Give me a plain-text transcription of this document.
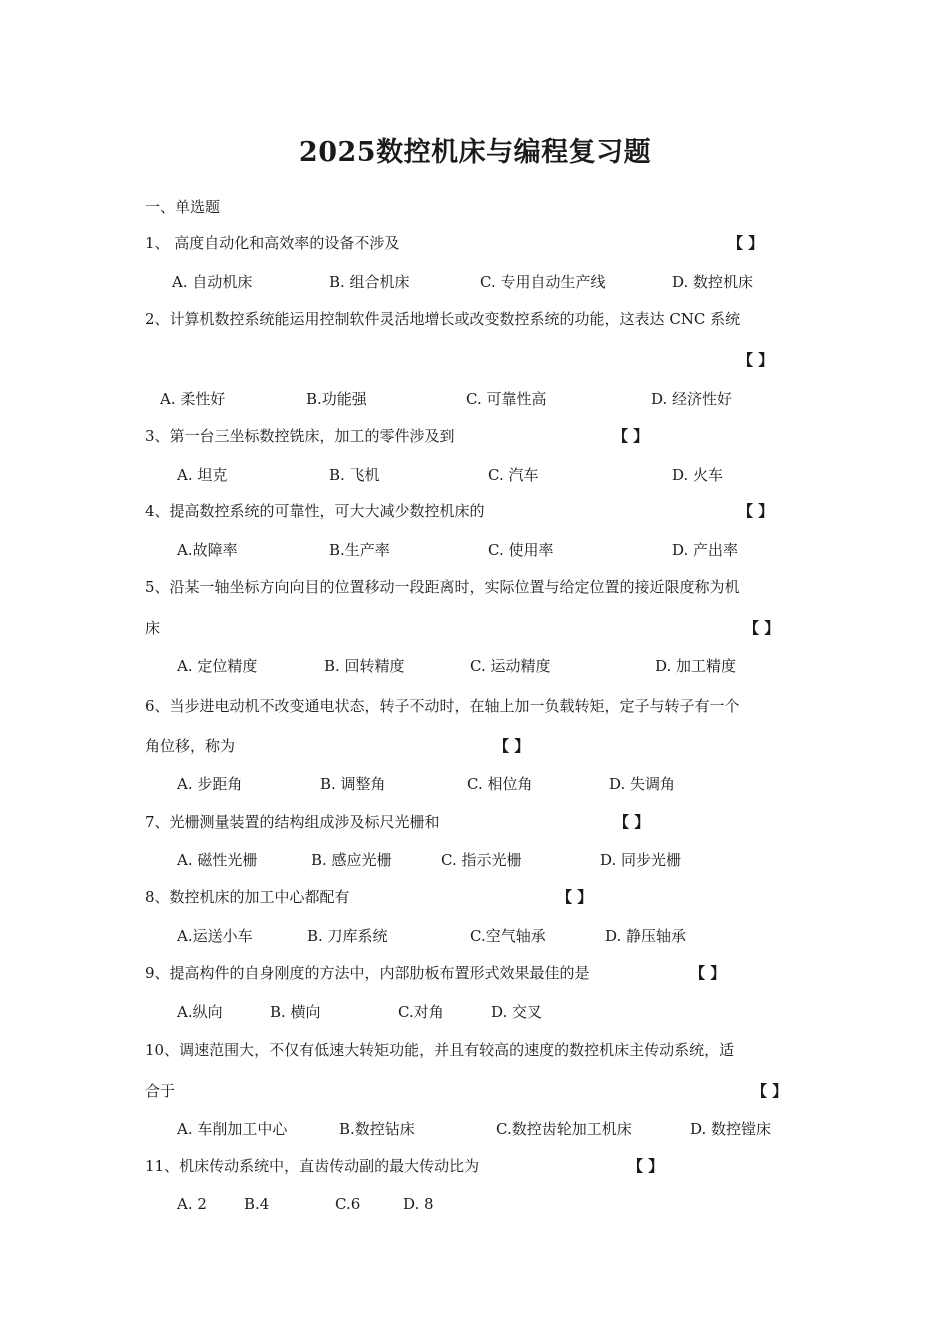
2025数控机床与编程复习题
一、单选题
1、 高度自动化和高效率的设备不涉及	【 】
A. 自动机床	B. 组合机床	C. 专用自动生产线	D. 数控机床
2、计算机数控系统能运用控制软件灵活地增长或改变数控系统的功能，这表达 CNC 系统
【 】
A. 柔性好	B.功能强	C. 可靠性高	D. 经济性好
3、第一台三坐标数控铣床，加工的零件涉及到	【 】
A. 坦克	B. 飞机	C. 汽车	D. 火车
4、提高数控系统的可靠性，可大大减少数控机床的	【 】
A.故障率	B.生产率	C. 使用率	D. 产出率
5、沿某一轴坐标方向向目的位置移动一段距离时，实际位置与给定位置的接近限度称为机
床	【 】
A. 定位精度	B. 回转精度	C. 运动精度	D. 加工精度
6、当步进电动机不改变通电状态，转子不动时，在轴上加一负载转矩，定子与转子有一个
角位移，称为	【 】
A. 步距角	B. 调整角	C. 相位角	D. 失调角
7、光栅测量装置的结构组成涉及标尺光栅和	【 】
A. 磁性光栅	B. 感应光栅	C. 指示光栅	D. 同步光栅
8、数控机床的加工中心都配有	【 】
A.运送小车	B. 刀库系统	C.空气轴承	D. 静压轴承
9、提高构件的自身刚度的方法中，内部肋板布置形式效果最佳的是	【 】
A.纵向	B. 横向	C.对角	D. 交叉
10、调速范围大，不仅有低速大转矩功能，并且有较高的速度的数控机床主传动系统，适
合于	【 】
A. 车削加工中心	B.数控钻床	C.数控齿轮加工机床	D. 数控镗床
11、机床传动系统中，直齿传动副的最大传动比为	【 】
A. 2 B.4	C.6	D. 8
